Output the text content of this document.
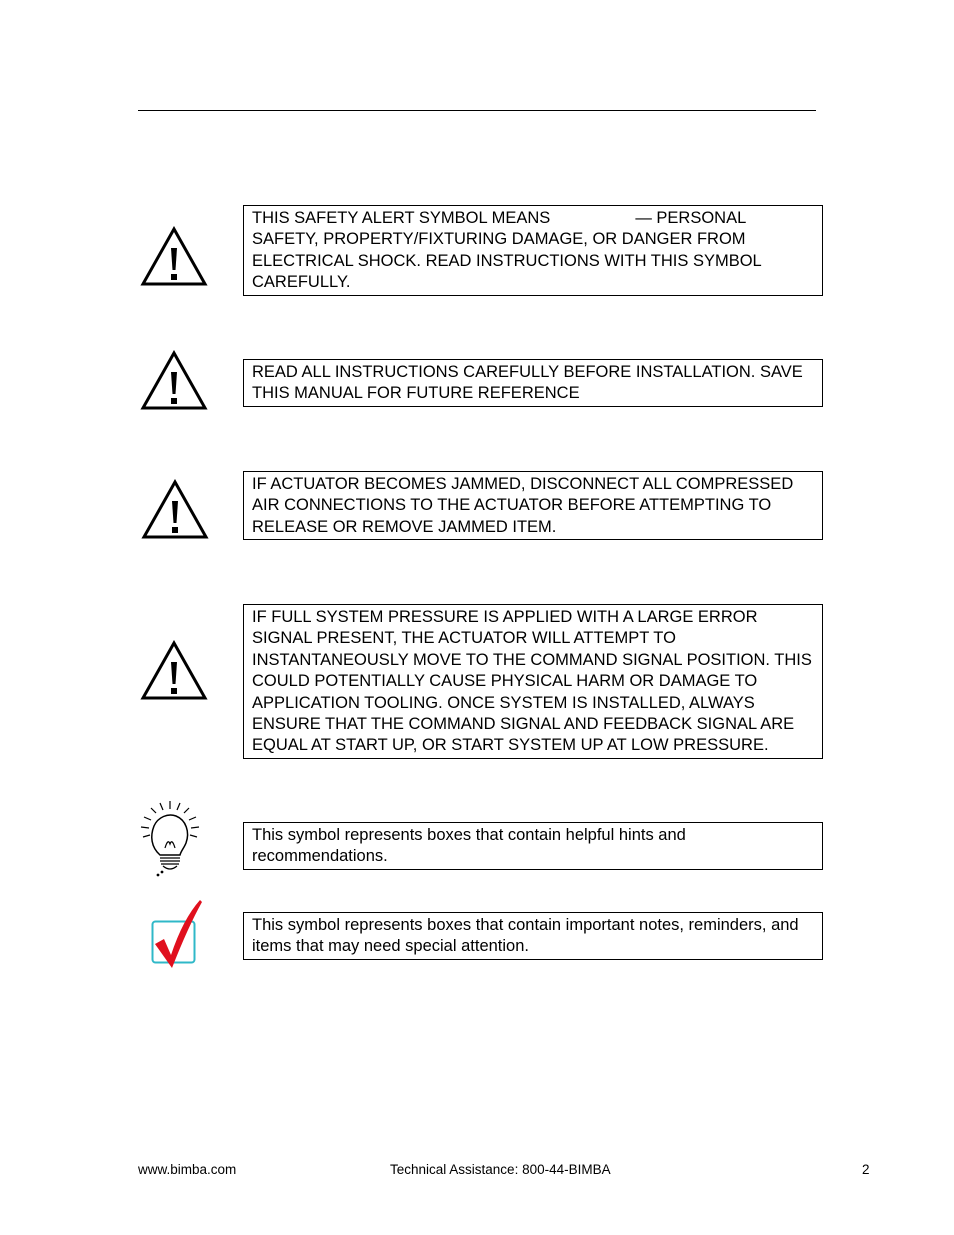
THIS SAFETY ALERT SYMBOL MEANS	— PERSONAL SAFETY, PROPERTY/FIXTURING DAMAGE, OR DANGER FROM ELECTRICAL SHOCK. READ INSTRUCTIONS WITH THIS SYMBOL CAREFULLY.
READ ALL INSTRUCTIONS CAREFULLY BEFORE INSTALLATION. SAVE THIS MANUAL FOR FUTURE REFERENCE
IF ACTUATOR BECOMES JAMMED, DISCONNECT ALL COMPRESSED AIR CONNECTIONS TO THE ACTUATOR BEFORE ATTEMPTING TO RELEASE OR REMOVE JAMMED ITEM.
IF FULL SYSTEM PRESSURE IS APPLIED WITH A LARGE ERROR SIGNAL PRESENT, THE ACTUATOR WILL ATTEMPT TO INSTANTANEOUSLY MOVE TO THE COMMAND SIGNAL POSITION. THIS COULD POTENTIALLY CAUSE PHYSICAL HARM OR DAMAGE TO APPLICATION TOOLING. ONCE SYSTEM IS INSTALLED, ALWAYS ENSURE THAT THE COMMAND SIGNAL AND FEEDBACK SIGNAL ARE EQUAL AT START UP, OR START SYSTEM UP AT LOW PRESSURE.
This symbol represents boxes that contain helpful hints and recommendations.
This symbol represents boxes that contain important notes, reminders, and items that may need special attention.
www.bimba.com	Technical Assistance: 800-44-BIMBA	2
